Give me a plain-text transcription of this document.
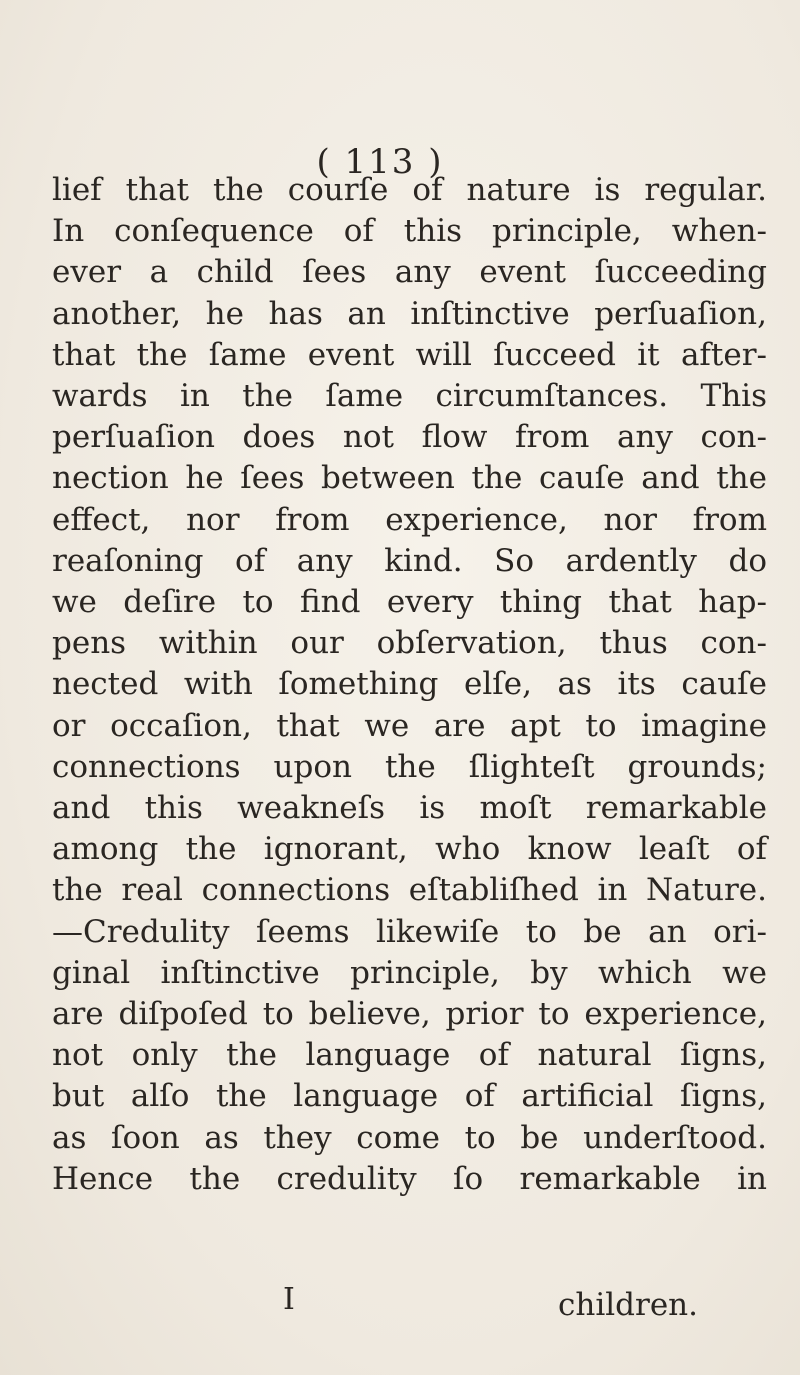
( 113 )
lief that the courſe of nature is regular.
In conſequence of this principle, when-
ever a child ſees any event ſucceeding
another, he has an inſtinctive perſuaſion,
that the ſame event will ſucceed it after-
wards in the ſame circumſtances. This
perſuaſion does not flow from any con-
nection he ſees between the cauſe and the
effect, nor from experience, nor from
reaſoning of any kind. So ardently do
we deſire to find every thing that hap-
pens within our obſervation, thus con-
nected with ſomething elſe, as its cauſe
or occaſion, that we are apt to imagine
connections upon the ſlighteſt grounds;
and this weakneſs is moſt remarkable
among the ignorant, who know leaſt of
the real connections eſtabliſhed in Nature.
—Credulity ſeems likewiſe to be an ori-
ginal inſtinctive principle, by which we
are diſpoſed to believe, prior to experience,
not only the language of natural ſigns,
but alſo the language of artificial ſigns,
as ſoon as they come to be underſtood.
Hence the credulity ſo remarkable in
I	children.
